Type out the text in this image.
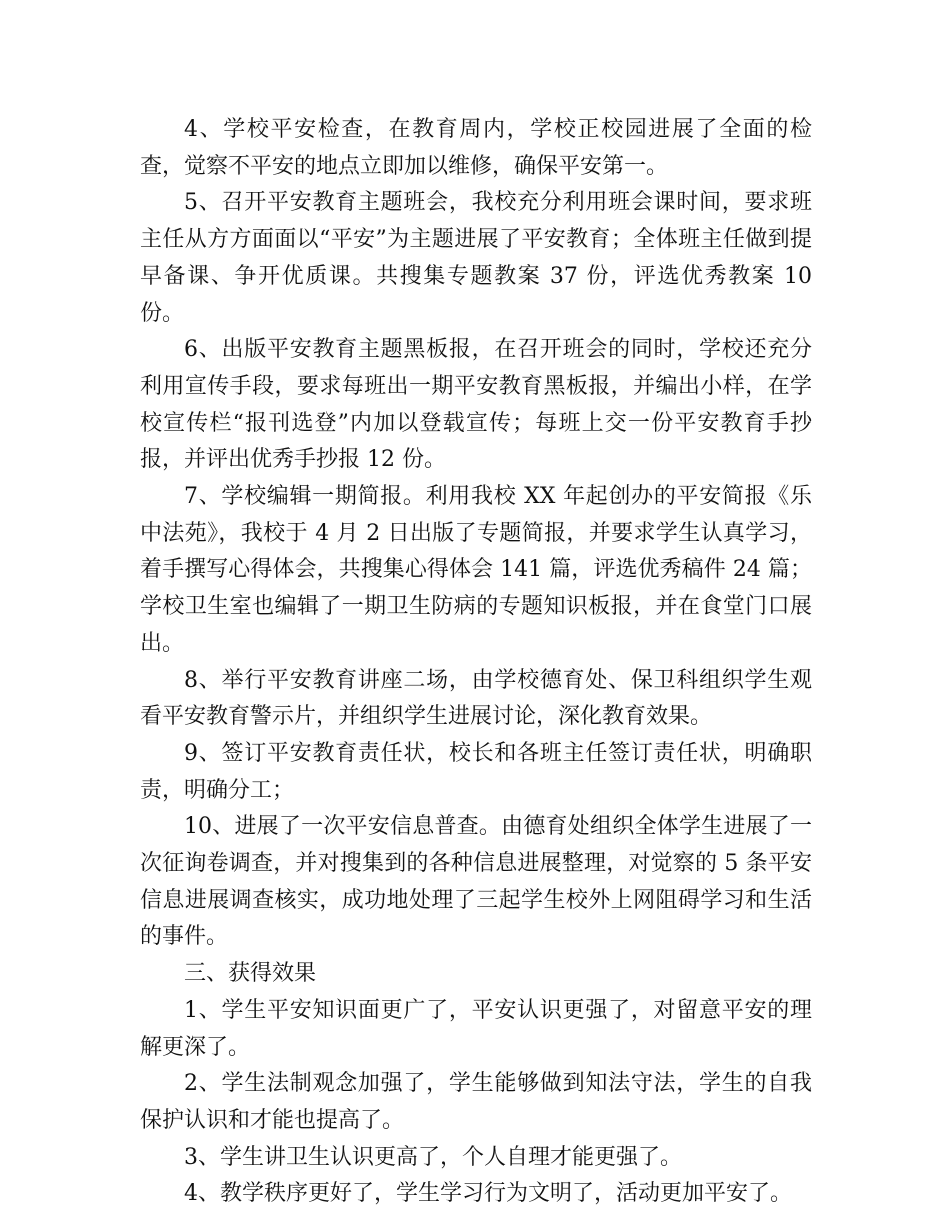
4、学校平安检查，在教育周内，学校正校园进展了全面的检查，觉察不平安的地点立即加以维修，确保平安第一。

5、召开平安教育主题班会，我校充分利用班会课时间，要求班主任从方方面面以“平安”为主题进展了平安教育；全体班主任做到提早备课、争开优质课。共搜集专题教案 37 份，评选优秀教案 10 份。

6、出版平安教育主题黑板报，在召开班会的同时，学校还充分利用宣传手段，要求每班出一期平安教育黑板报，并编出小样，在学校宣传栏“报刊选登”内加以登载宣传；每班上交一份平安教育手抄报，并评出优秀手抄报 12 份。

7、学校编辑一期简报。利用我校 XX 年起创办的平安简报《乐中法苑》，我校于 4 月 2 日出版了专题简报，并要求学生认真学习，着手撰写心得体会，共搜集心得体会 141 篇，评选优秀稿件 24 篇；学校卫生室也编辑了一期卫生防病的专题知识板报，并在食堂门口展出。

8、举行平安教育讲座二场，由学校德育处、保卫科组织学生观看平安教育警示片，并组织学生进展讨论，深化教育效果。

9、签订平安教育责任状，校长和各班主任签订责任状，明确职责，明确分工；

10、进展了一次平安信息普查。由德育处组织全体学生进展了一次征询卷调查，并对搜集到的各种信息进展整理，对觉察的 5 条平安信息进展调查核实，成功地处理了三起学生校外上网阻碍学习和生活的事件。

三、获得效果

1、学生平安知识面更广了，平安认识更强了，对留意平安的理解更深了。

2、学生法制观念加强了，学生能够做到知法守法，学生的自我保护认识和才能也提高了。

3、学生讲卫生认识更高了，个人自理才能更强了。

4、教学秩序更好了，学生学习行为文明了，活动更加平安了。
